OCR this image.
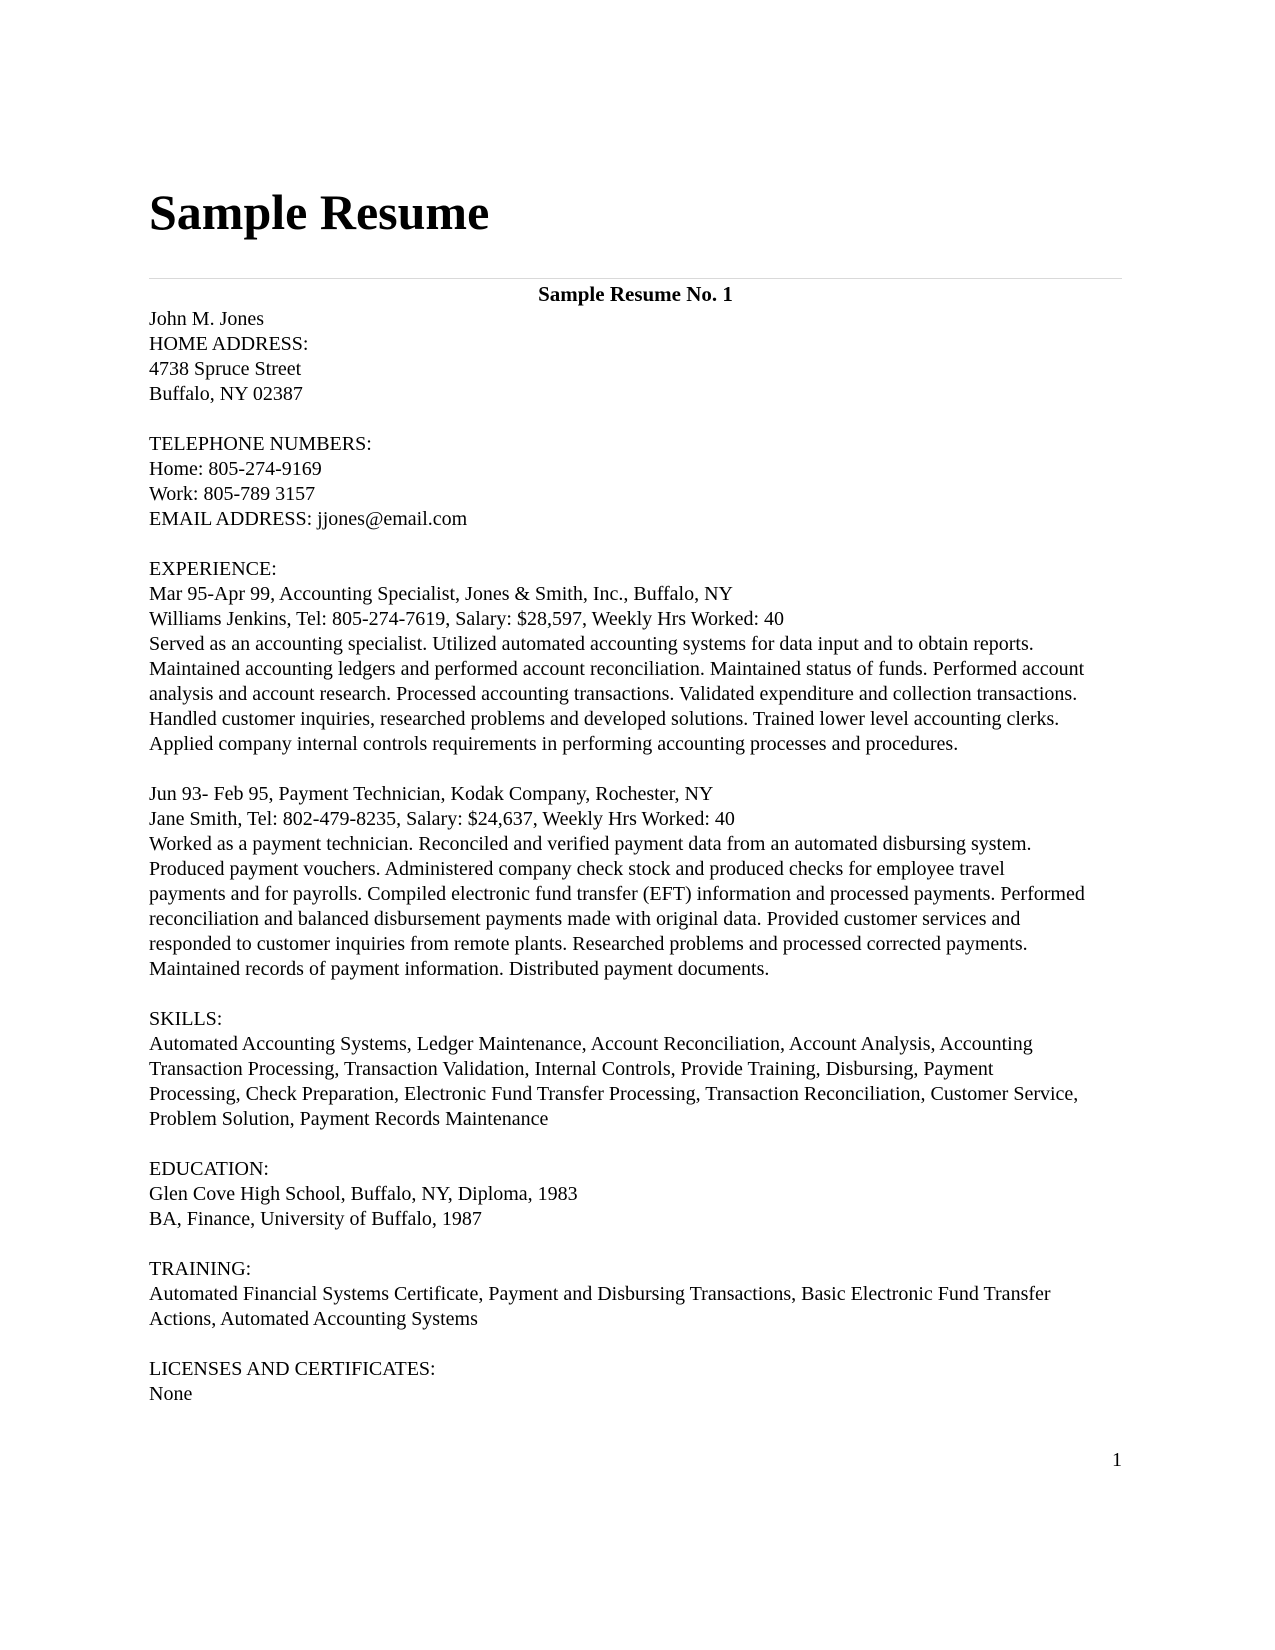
Sample Resume
Sample Resume No. 1
John M. Jones
HOME ADDRESS:
4738 Spruce Street
Buffalo, NY 02387
TELEPHONE NUMBERS:
Home: 805-274-9169
Work: 805-789 3157
EMAIL ADDRESS: jjones@email.com
EXPERIENCE:
Mar 95-Apr 99, Accounting Specialist, Jones & Smith, Inc., Buffalo, NY
Williams Jenkins, Tel: 805-274-7619, Salary: $28,597, Weekly Hrs Worked: 40
Served as an accounting specialist. Utilized automated accounting systems for data input and to obtain reports.
Maintained accounting ledgers and performed account reconciliation. Maintained status of funds. Performed account
analysis and account research. Processed accounting transactions. Validated expenditure and collection transactions.
Handled customer inquiries, researched problems and developed solutions. Trained lower level accounting clerks.
Applied company internal controls requirements in performing accounting processes and procedures.
Jun 93- Feb 95, Payment Technician, Kodak Company, Rochester, NY
Jane Smith, Tel: 802-479-8235, Salary: $24,637, Weekly Hrs Worked: 40
Worked as a payment technician. Reconciled and verified payment data from an automated disbursing system.
Produced payment vouchers. Administered company check stock and produced checks for employee travel
payments and for payrolls. Compiled electronic fund transfer (EFT) information and processed payments. Performed
reconciliation and balanced disbursement payments made with original data. Provided customer services and
responded to customer inquiries from remote plants. Researched problems and processed corrected payments.
Maintained records of payment information. Distributed payment documents.
SKILLS:
Automated Accounting Systems, Ledger Maintenance, Account Reconciliation, Account Analysis, Accounting
Transaction Processing, Transaction Validation, Internal Controls, Provide Training, Disbursing, Payment
Processing, Check Preparation, Electronic Fund Transfer Processing, Transaction Reconciliation, Customer Service,
Problem Solution, Payment Records Maintenance
EDUCATION:
Glen Cove High School, Buffalo, NY, Diploma, 1983
BA, Finance, University of Buffalo, 1987
TRAINING:
Automated Financial Systems Certificate, Payment and Disbursing Transactions, Basic Electronic Fund Transfer
Actions, Automated Accounting Systems
LICENSES AND CERTIFICATES:
None
1
